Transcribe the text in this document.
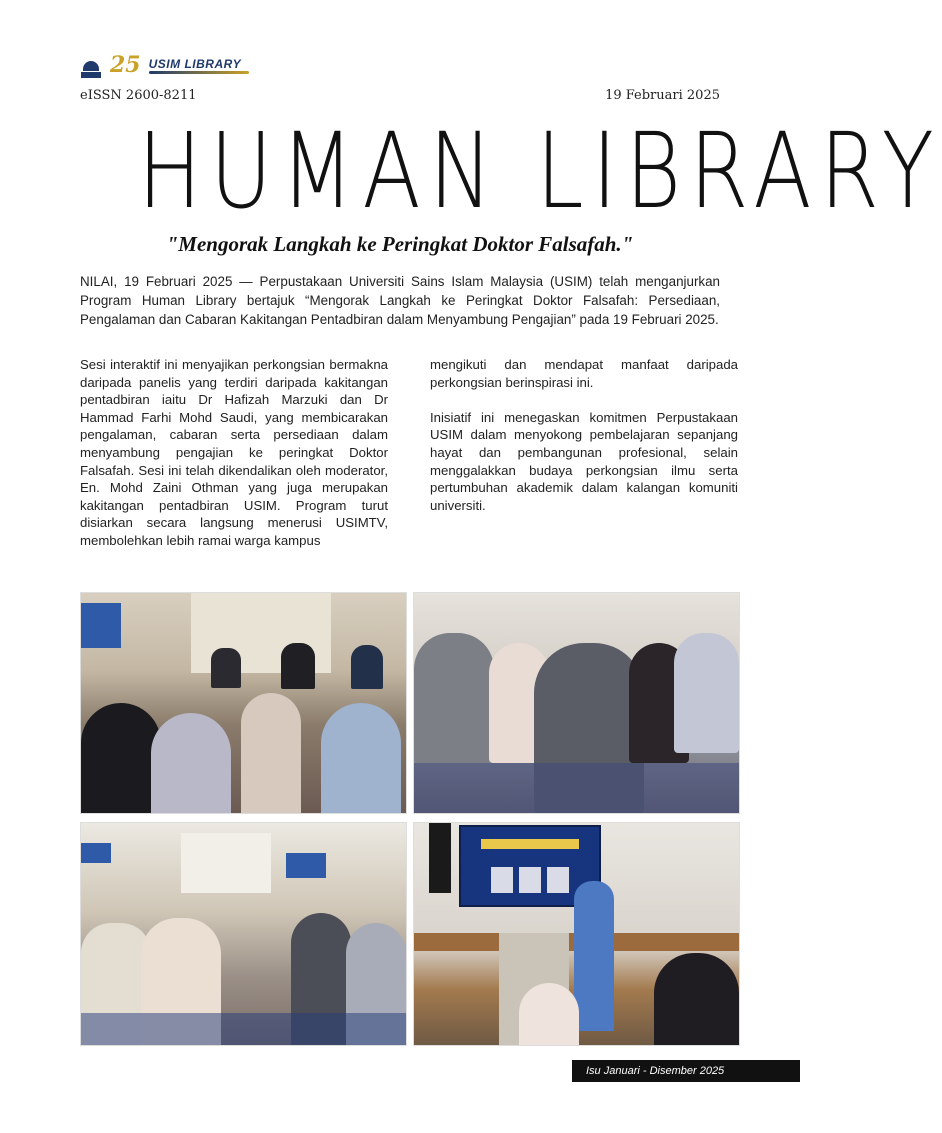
25 USIM LIBRARY
eISSN 2600-8211	19 Februari 2025
HUMAN LIBRARY
"Mengorak Langkah ke Peringkat Doktor Falsafah."
NILAI, 19 Februari 2025 — Perpustakaan Universiti Sains Islam Malaysia (USIM) telah menganjurkan Program Human Library bertajuk “Mengorak Langkah ke Peringkat Doktor Falsafah: Persediaan, Pengalaman dan Cabaran Kakitangan Pentadbiran dalam Menyambung Pengajian” pada 19 Februari 2025.

Sesi interaktif ini menyajikan perkongsian bermakna daripada panelis yang terdiri daripada kakitangan pentadbiran iaitu Dr Hafizah Marzuki dan Dr Hammad Farhi Mohd Saudi, yang membicarakan pengalaman, cabaran serta persediaan dalam menyambung pengajian ke peringkat Doktor Falsafah. Sesi ini telah dikendalikan oleh moderator, En. Mohd Zaini Othman yang juga merupakan kakitangan pentadbiran USIM. Program turut disiarkan secara langsung menerusi USIMTV, membolehkan lebih ramai warga kampus

mengikuti dan mendapat manfaat daripada perkongsian berinspirasi ini.

Inisiatif ini menegaskan komitmen Perpustakaan USIM dalam menyokong pembelajaran sepanjang hayat dan pembangunan profesional, selain menggalakkan budaya perkongsian ilmu serta pertumbuhan akademik dalam kalangan komuniti universiti.

Isu Januari - Disember 2025
